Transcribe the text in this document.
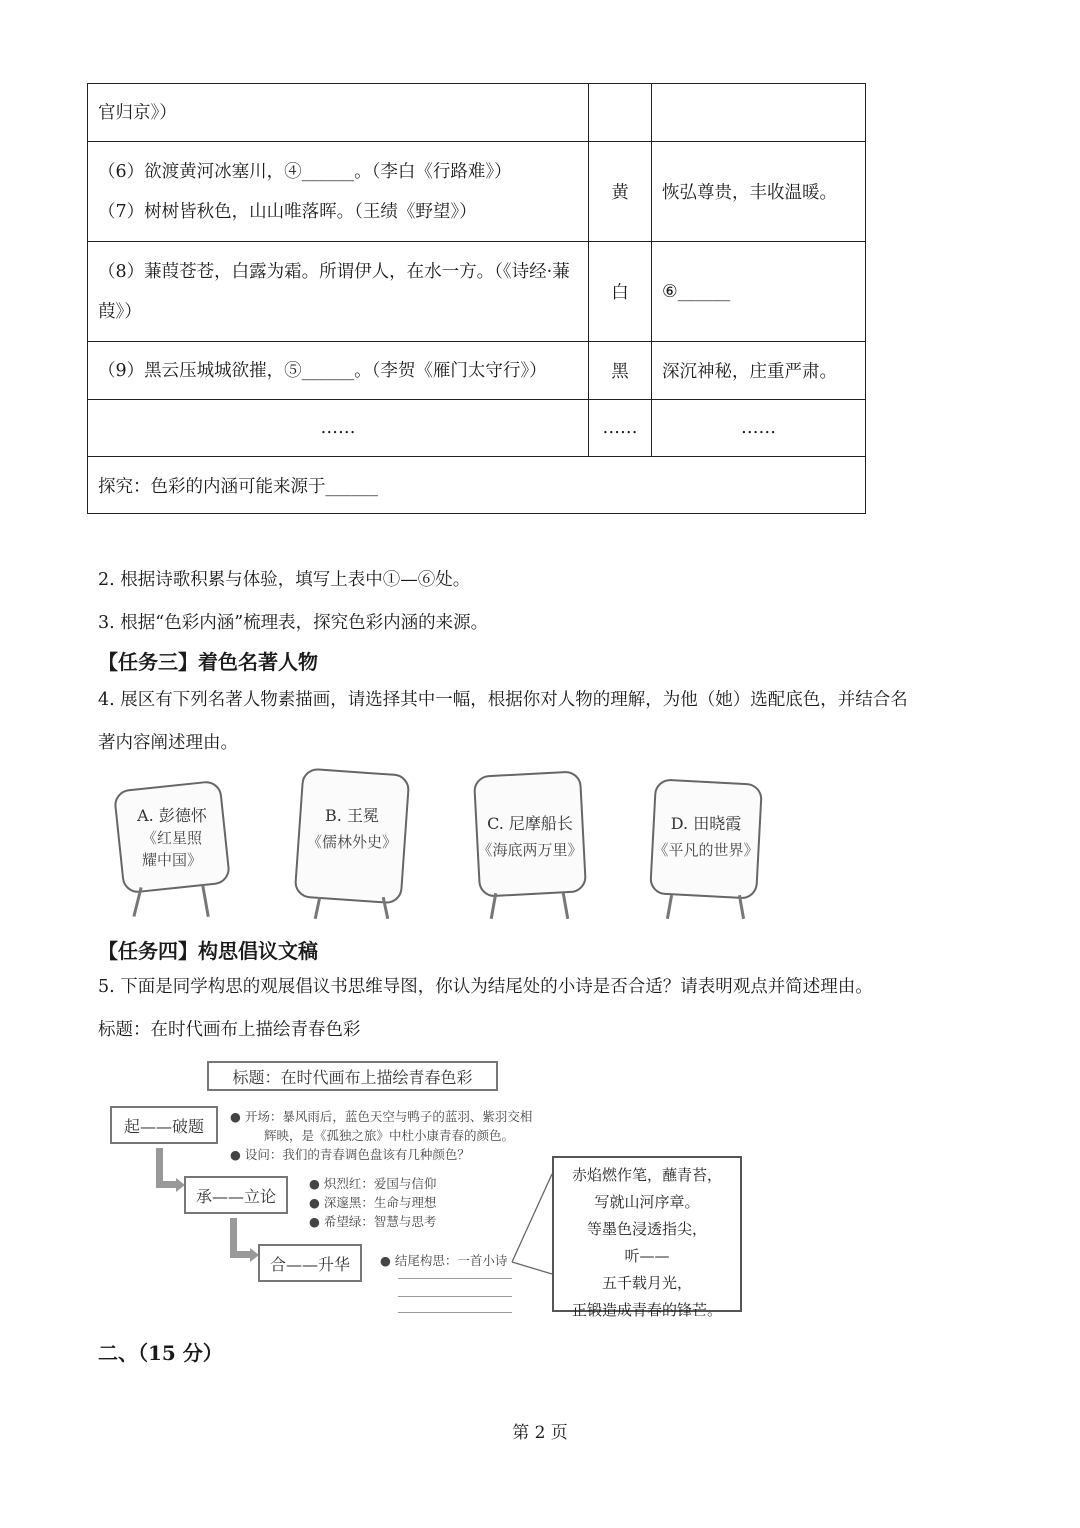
官归京》）		

（6）欲渡黄河冰塞川，④______。（李白《行路难》）
（7）树树皆秋色，山山唯落晖。（王绩《野望》）	黄	恢弘尊贵，丰收温暖。

（8）蒹葭苍苍，白露为霜。所谓伊人，在水一方。（《诗经·蒹
葭》）	白	⑥______

（9）黑云压城城欲摧，⑤______。（李贺《雁门太守行》）	黑	深沉神秘，庄重严肃。
……	……	……
探究：色彩的内涵可能来源于______		

2. 根据诗歌积累与体验，填写上表中①—⑥处。

3. 根据“色彩内涵”梳理表，探究色彩内涵的来源。

【任务三】着色名著人物

4. 展区有下列名著人物素描画，请选择其中一幅，根据你对人物的理解，为他（她）选配底色，并结合名

著内容阐述理由。

A. 彭德怀
《红星照
耀中国》
B. 王冕
《儒林外史》
C. 尼摩船长
《海底两万里》
D. 田晓霞
《平凡的世界》
【任务四】构思倡议文稿

5. 下面是同学构思的观展倡议书思维导图，你认为结尾处的小诗是否合适？请表明观点并简述理由。

标题：在时代画布上描绘青春色彩

标题：在时代画布上描绘青春色彩
起——破题	● 开场：暴风雨后，蓝色天空与鸭子的蓝羽、紫羽交相
辉映，是《孤独之旅》中杜小康青春的颜色。
● 设问：我们的青春调色盘该有几种颜色？
承——立论
● 炽烈红：爱国与信仰
● 深邃黑：生命与理想
● 希望绿：智慧与思考
合——升华	● 结尾构思：一首小诗
赤焰燃作笔，蘸青苔，
写就山河序章。
等墨色浸透指尖，
听——
五千载月光，
正锻造成青春的锋芒。
二、（15 分）
第 2 页
